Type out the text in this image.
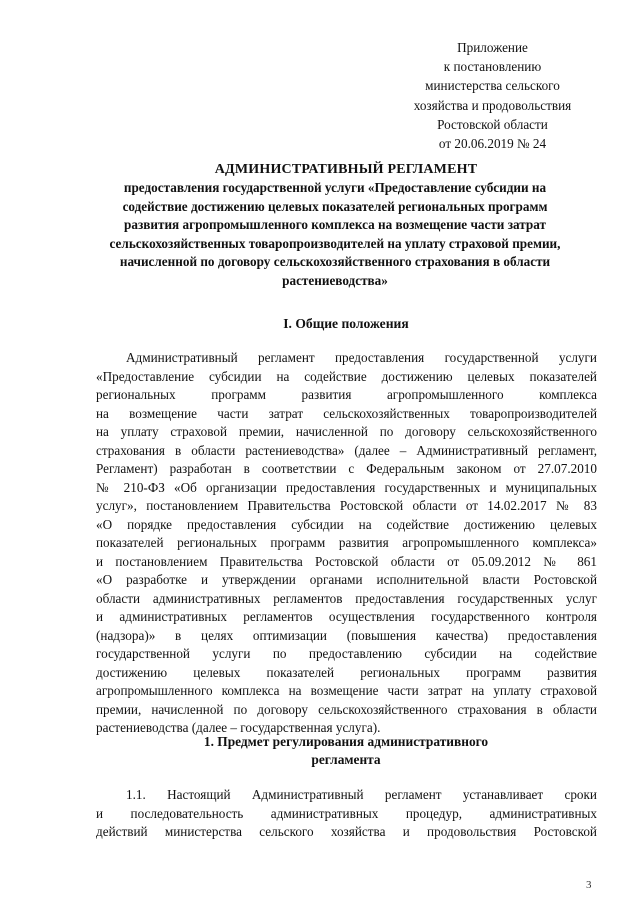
Приложение
к постановлению
министерства сельского
хозяйства и продовольствия
Ростовской области
от 20.06.2019 № 24
АДМИНИСТРАТИВНЫЙ РЕГЛАМЕНТ
предоставления государственной услуги «Предоставление субсидии на
содействие достижению целевых показателей региональных программ
развития агропромышленного комплекса на возмещение части затрат
сельскохозяйственных товаропроизводителей на уплату страховой премии,
начисленной по договору сельскохозяйственного страхования в области
растениеводства»
I. Общие положения
Административный регламент предоставления государственной услуги
«Предоставление субсидии на содействие достижению целевых показателей
региональных программ развития агропромышленного комплекса
на возмещение части затрат сельскохозяйственных товаропроизводителей
на уплату страховой премии, начисленной по договору сельскохозяйственного
страхования в области растениеводства» (далее – Административный регламент,
Регламент) разработан в соответствии с Федеральным законом от 27.07.2010
№ 210-ФЗ «Об организации предоставления государственных и муниципальных
услуг», постановлением Правительства Ростовской области от 14.02.2017 № 83
«О порядке предоставления субсидии на содействие достижению целевых
показателей региональных программ развития агропромышленного комплекса»
и постановлением Правительства Ростовской области от 05.09.2012 № 861
«О разработке и утверждении органами исполнительной власти Ростовской
области административных регламентов предоставления государственных услуг
и административных регламентов осуществления государственного контроля
(надзора)» в целях оптимизации (повышения качества) предоставления
государственной услуги по предоставлению субсидии на содействие
достижению целевых показателей региональных программ развития
агропромышленного комплекса на возмещение части затрат на уплату страховой
премии, начисленной по договору сельскохозяйственного страхования в области
растениеводства (далее – государственная услуга).
1. Предмет регулирования административного
регламента
1.1. Настоящий Административный регламент устанавливает сроки
и последовательность административных процедур, административных
действий министерства сельского хозяйства и продовольствия Ростовской
3
